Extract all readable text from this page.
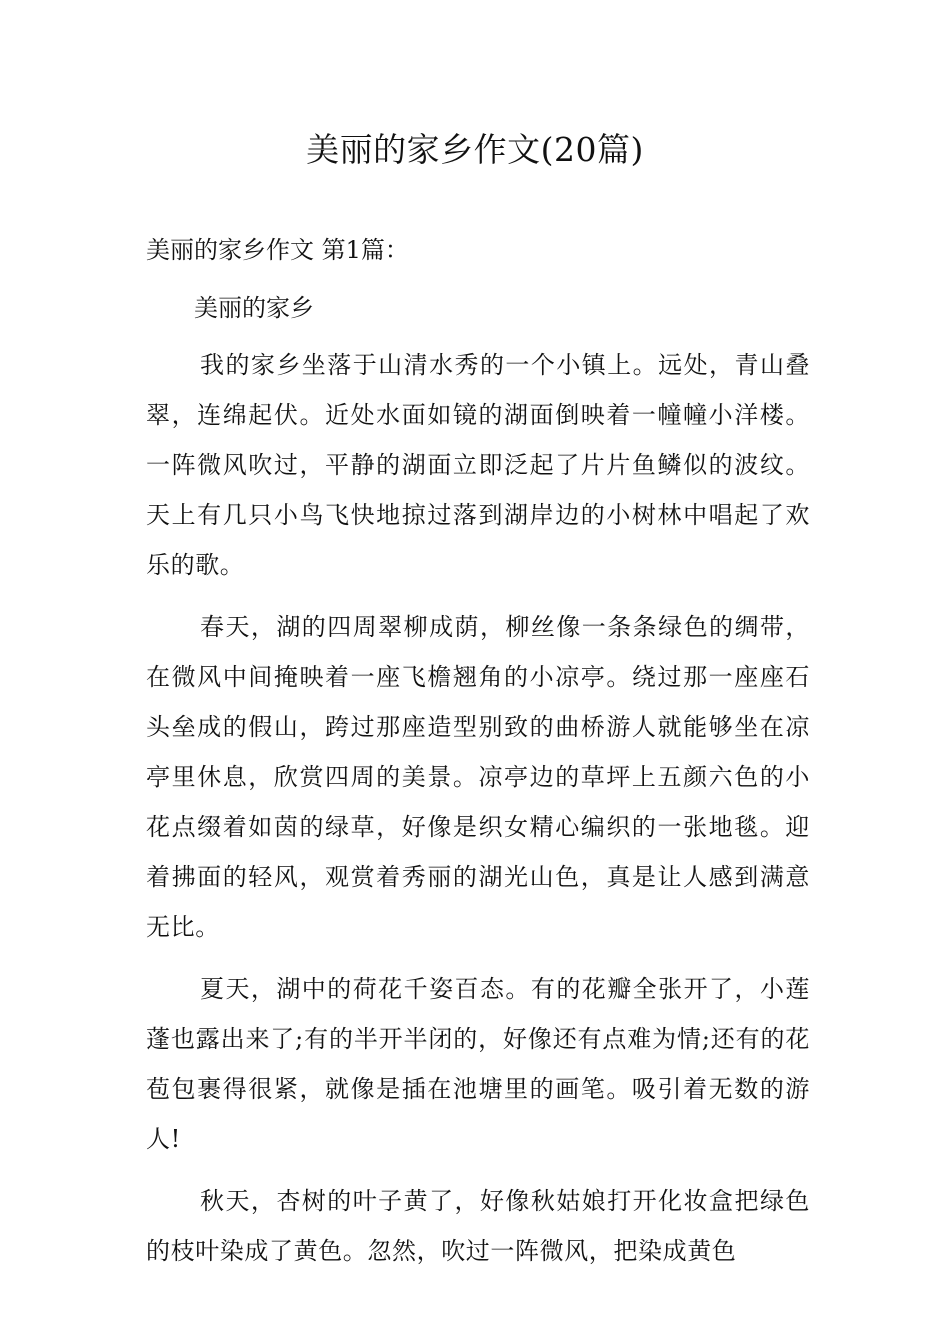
美丽的家乡作文(20篇)

美丽的家乡作文 第1篇：

美丽的家乡

我的家乡坐落于山清水秀的一个小镇上。远处，青山叠翠，连绵起伏。近处水面如镜的湖面倒映着一幢幢小洋楼。一阵微风吹过，平静的湖面立即泛起了片片鱼鳞似的波纹。天上有几只小鸟飞快地掠过落到湖岸边的小树林中唱起了欢乐的歌。

春天，湖的四周翠柳成荫，柳丝像一条条绿色的绸带，在微风中间掩映着一座飞檐翘角的小凉亭。绕过那一座座石头垒成的假山，跨过那座造型别致的曲桥游人就能够坐在凉亭里休息，欣赏四周的美景。凉亭边的草坪上五颜六色的小花点缀着如茵的绿草，好像是织女精心编织的一张地毯。迎着拂面的轻风，观赏着秀丽的湖光山色，真是让人感到满意无比。

夏天，湖中的荷花千姿百态。有的花瓣全张开了，小莲蓬也露出来了;有的半开半闭的，好像还有点难为情;还有的花苞包裹得很紧，就像是插在池塘里的画笔。吸引着无数的游人!

秋天，杏树的叶子黄了，好像秋姑娘打开化妆盒把绿色的枝叶染成了黄色。忽然，吹过一阵微风，把染成黄色
